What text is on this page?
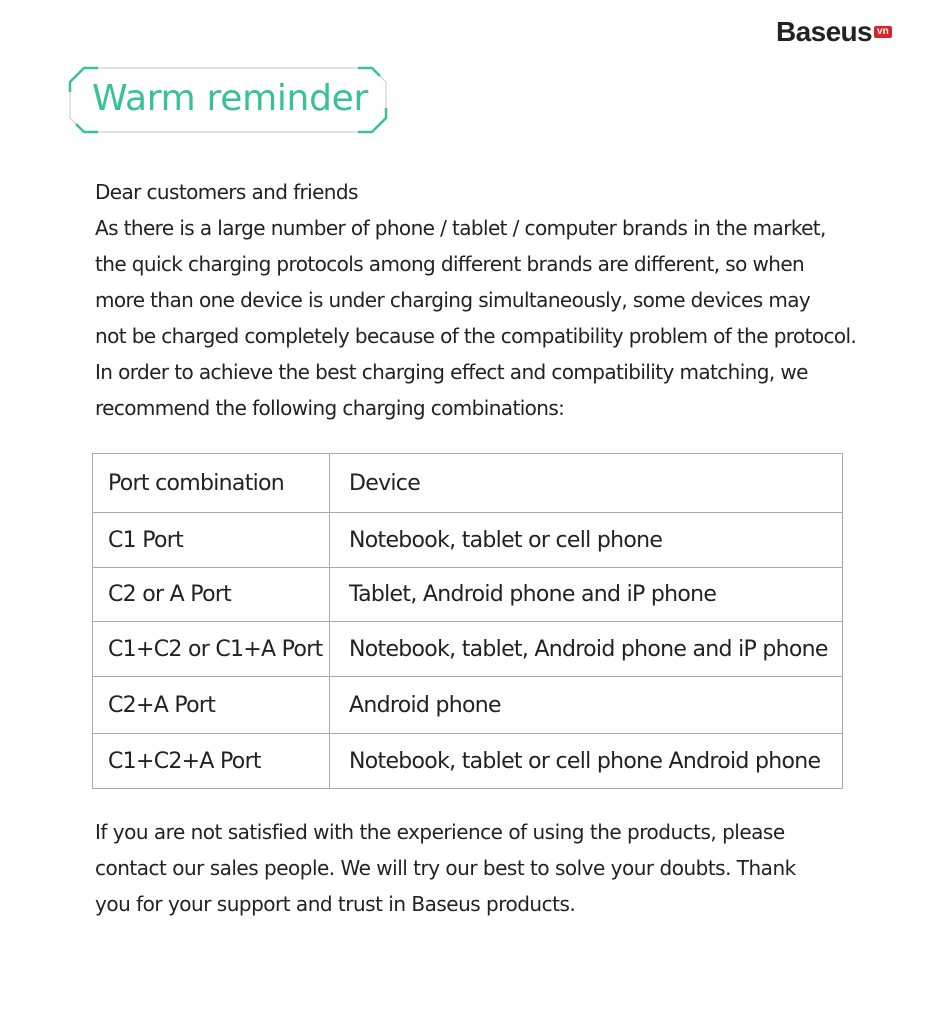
Baseus vn
Warm reminder

Dear customers and friends

As there is a large number of phone / tablet / computer brands in the market,

the quick charging protocols among different brands are different, so when

more than one device is under charging simultaneously, some devices may

not be charged completely because of the compatibility problem of the protocol.

In order to achieve the best charging effect and compatibility matching, we

recommend the following charging combinations:

Port combination	Device
C1 Port	Notebook, tablet or cell phone
C2 or A Port	Tablet, Android phone and iP phone
C1+C2 or C1+A Port	Notebook, tablet, Android phone and iP phone
C2+A Port	Android phone
C1+C2+A Port	Notebook, tablet or cell phone Android phone

If you are not satisfied with the experience of using the products, please

contact our sales people. We will try our best to solve your doubts. Thank

you for your support and trust in Baseus products.
